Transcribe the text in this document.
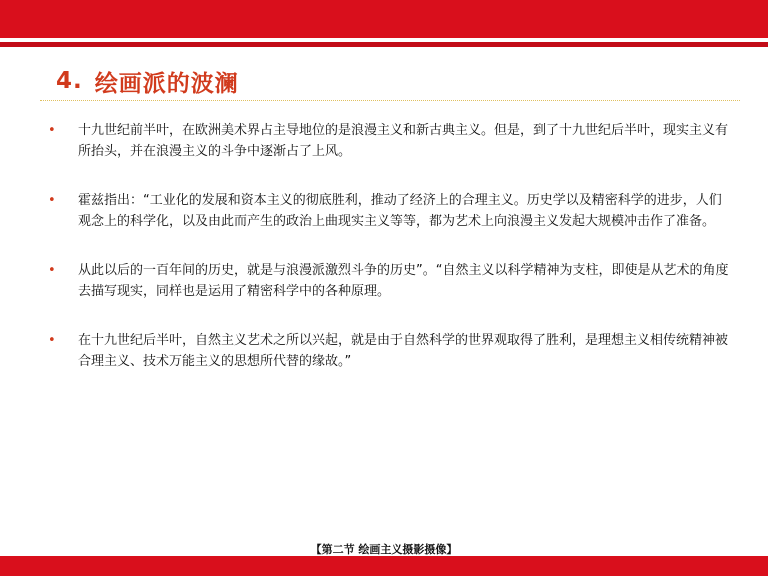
4. 绘画派的波澜
• 十九世纪前半叶，在欧洲美术界占主导地位的是浪漫主义和新古典主义。但是，到了十九世纪后半叶，现实主义有所抬头，并在浪漫主义的斗争中逐渐占了上风。
• 霍兹指出：“工业化的发展和资本主义的彻底胜利，推动了经济上的合理主义。历史学以及精密科学的进步，人们观念上的科学化，以及由此而产生的政治上曲现实主义等等，都为艺术上向浪漫主义发起大规模冲击作了准备。
• 从此以后的一百年间的历史，就是与浪漫派激烈斗争的历史”。“自然主义以科学精神为支柱，即使是从艺术的角度去描写现实，同样也是运用了精密科学中的各种原理。
• 在十九世纪后半叶，自然主义艺术之所以兴起，就是由于自然科学的世界观取得了胜利，是理想主义相传统精神被合理主义、技术万能主义的思想所代替的缘故。”
【第二节 绘画主义摄影摄像】
